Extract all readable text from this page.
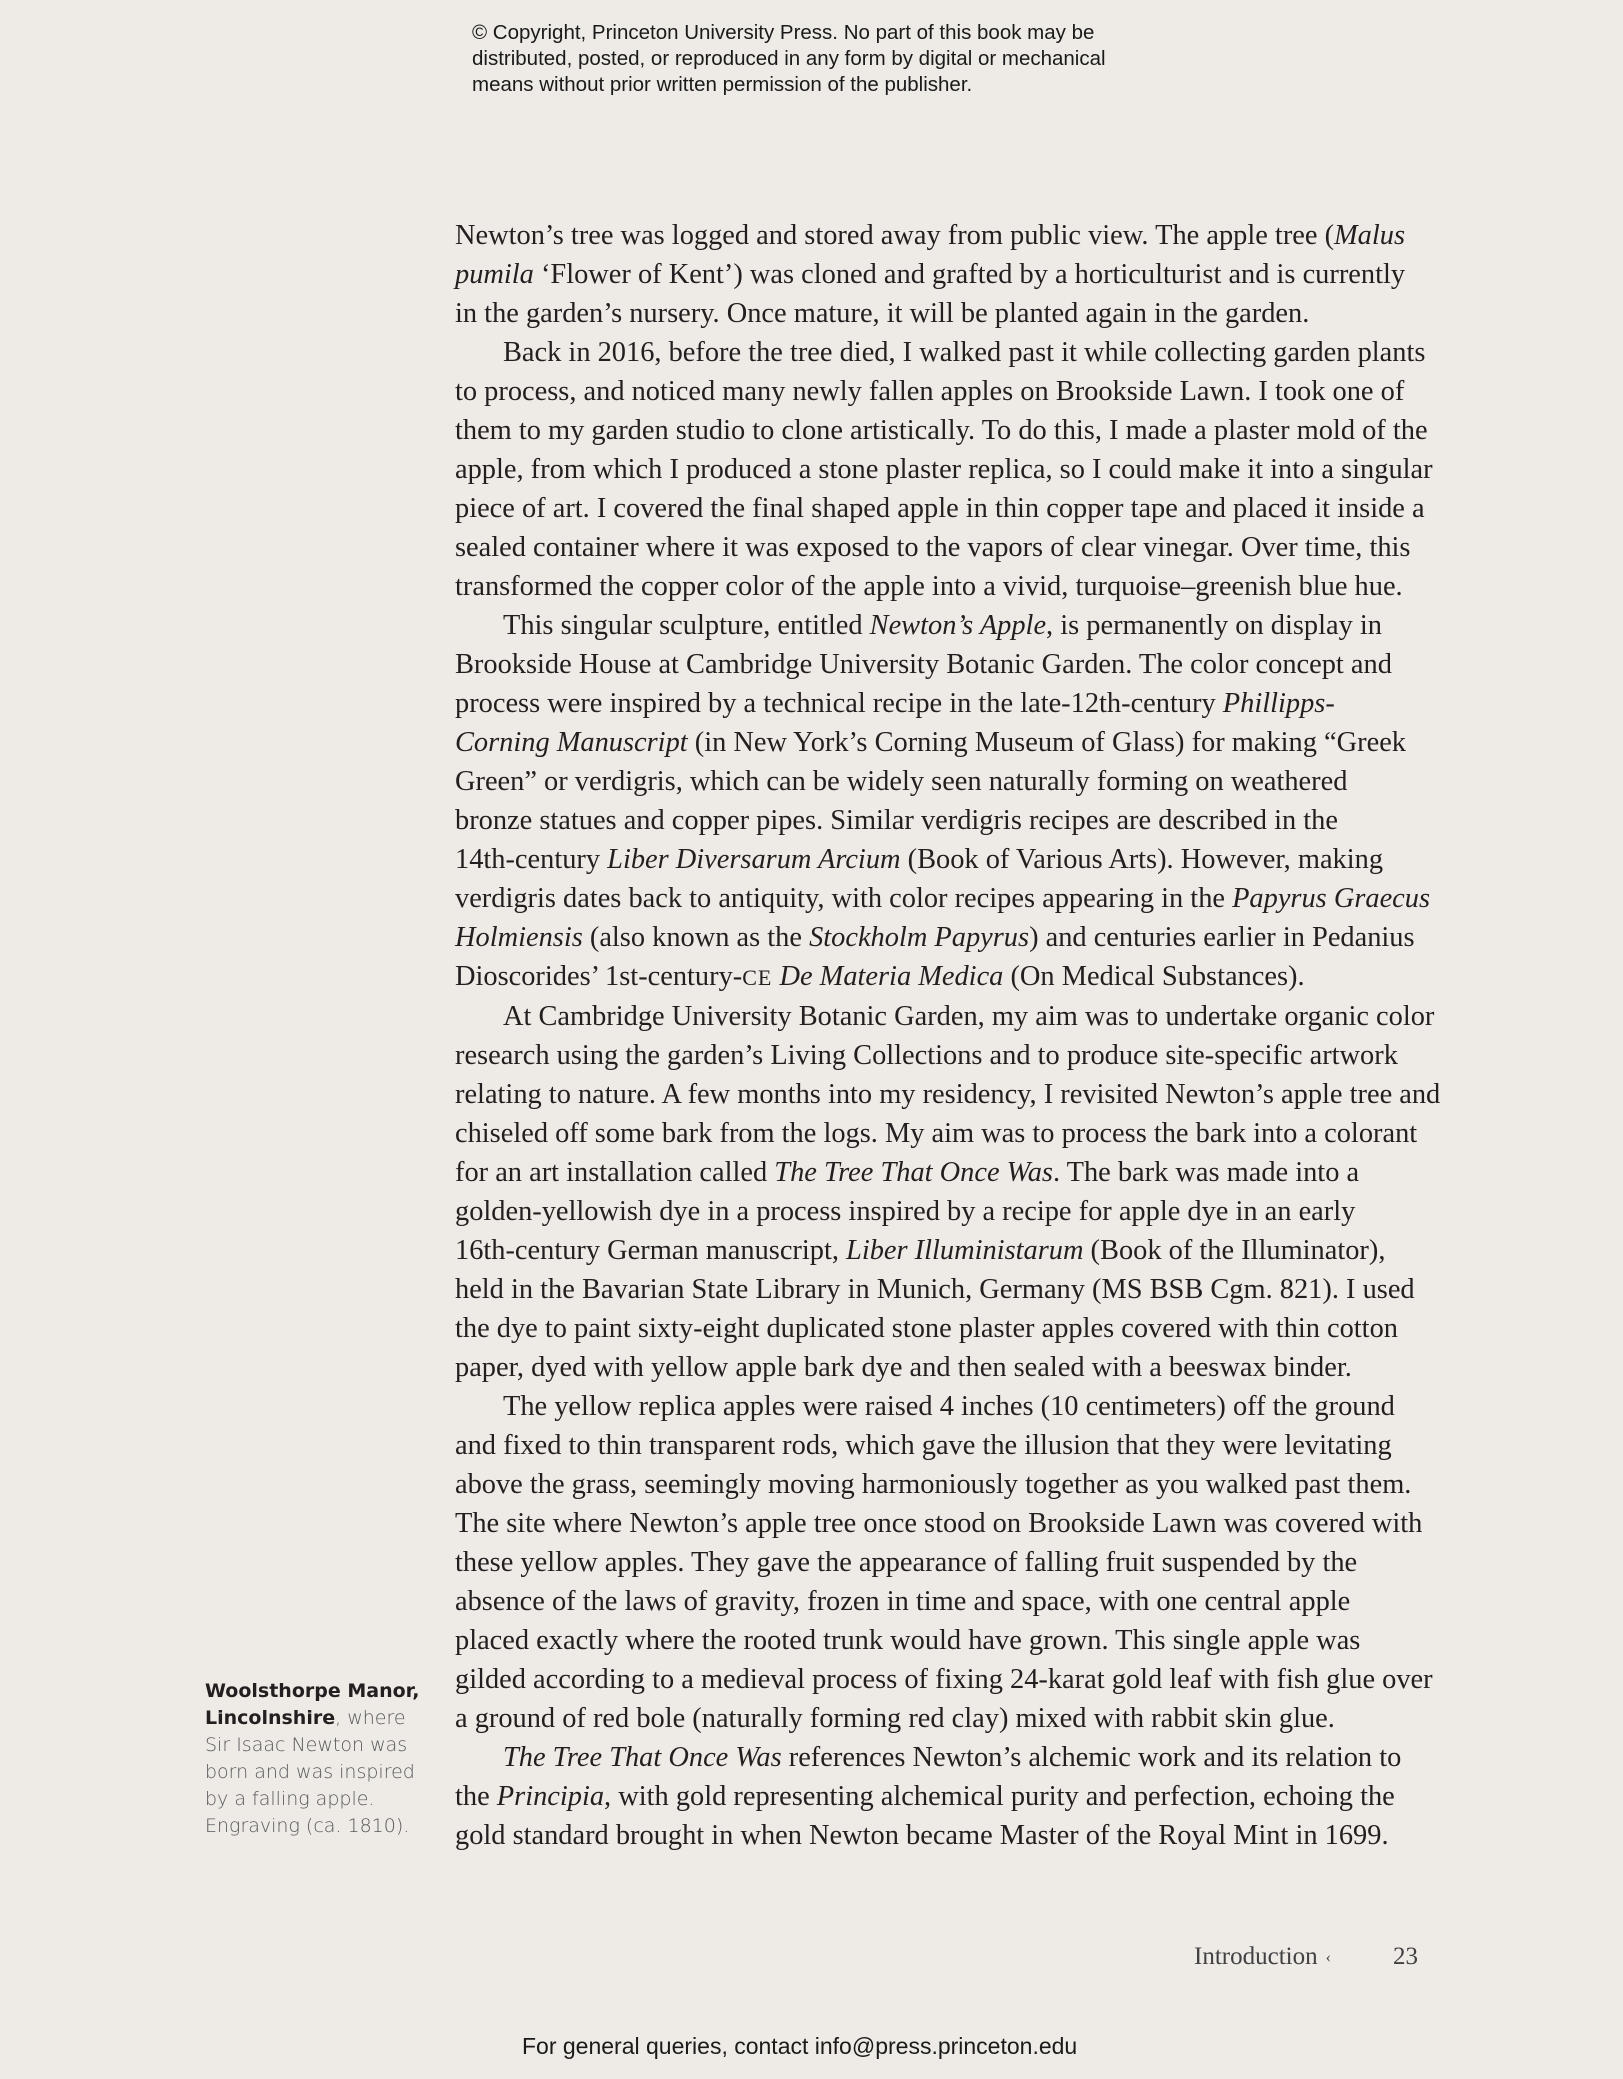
© Copyright, Princeton University Press. No part of this book may be
distributed, posted, or reproduced in any form by digital or mechanical
means without prior written permission of the publisher.

Newton’s tree was logged and stored away from public view. The apple tree (Malus
pumila ‘Flower of Kent’) was cloned and grafted by a horticulturist and is currently
in the garden’s nursery. Once mature, it will be planted again in the garden.

Back in 2016, before the tree died, I walked past it while collecting garden plants
to process, and noticed many newly fallen apples on Brookside Lawn. I took one of
them to my garden studio to clone artistically. To do this, I made a plaster mold of the
apple, from which I produced a stone plaster replica, so I could make it into a singular
piece of art. I covered the final shaped apple in thin copper tape and placed it inside a
sealed container where it was exposed to the vapors of clear vinegar. Over time, this
transformed the copper color of the apple into a vivid, turquoise–greenish blue hue.

This singular sculpture, entitled Newton’s Apple, is permanently on display in
Brookside House at Cambridge University Botanic Garden. The color concept and
process were inspired by a technical recipe in the late-12th-century Phillipps-
Corning Manuscript (in New York’s Corning Museum of Glass) for making “Greek
Green” or verdigris, which can be widely seen naturally forming on weathered
bronze statues and copper pipes. Similar verdigris recipes are described in the
14th-century Liber Diversarum Arcium (Book of Various Arts). However, making
verdigris dates back to antiquity, with color recipes appearing in the Papyrus Graecus
Holmiensis (also known as the Stockholm Papyrus) and centuries earlier in Pedanius
Dioscorides’ 1st-century-CE De Materia Medica (On Medical Substances).

At Cambridge University Botanic Garden, my aim was to undertake organic color
research using the garden’s Living Collections and to produce site-specific artwork
relating to nature. A few months into my residency, I revisited Newton’s apple tree and
chiseled off some bark from the logs. My aim was to process the bark into a colorant
for an art installation called The Tree That Once Was. The bark was made into a
golden-yellowish dye in a process inspired by a recipe for apple dye in an early
16th-century German manuscript, Liber Illuministarum (Book of the Illuminator),
held in the Bavarian State Library in Munich, Germany (MS BSB Cgm. 821). I used
the dye to paint sixty-eight duplicated stone plaster apples covered with thin cotton
paper, dyed with yellow apple bark dye and then sealed with a beeswax binder.

The yellow replica apples were raised 4 inches (10 centimeters) off the ground
and fixed to thin transparent rods, which gave the illusion that they were levitating
above the grass, seemingly moving harmoniously together as you walked past them.
The site where Newton’s apple tree once stood on Brookside Lawn was covered with
these yellow apples. They gave the appearance of falling fruit suspended by the
absence of the laws of gravity, frozen in time and space, with one central apple
placed exactly where the rooted trunk would have grown. This single apple was
gilded according to a medieval process of fixing 24-karat gold leaf with fish glue over
a ground of red bole (naturally forming red clay) mixed with rabbit skin glue.

The Tree That Once Was references Newton’s alchemic work and its relation to
the Principia, with gold representing alchemical purity and perfection, echoing the
gold standard brought in when Newton became Master of the Royal Mint in 1699.

Woolsthorpe Manor,
Lincolnshire, where
Sir Isaac Newton was
born and was inspired
by a falling apple.
Engraving (ca. 1810).
Introduction ‹ 23
For general queries, contact info@press.princeton.edu
